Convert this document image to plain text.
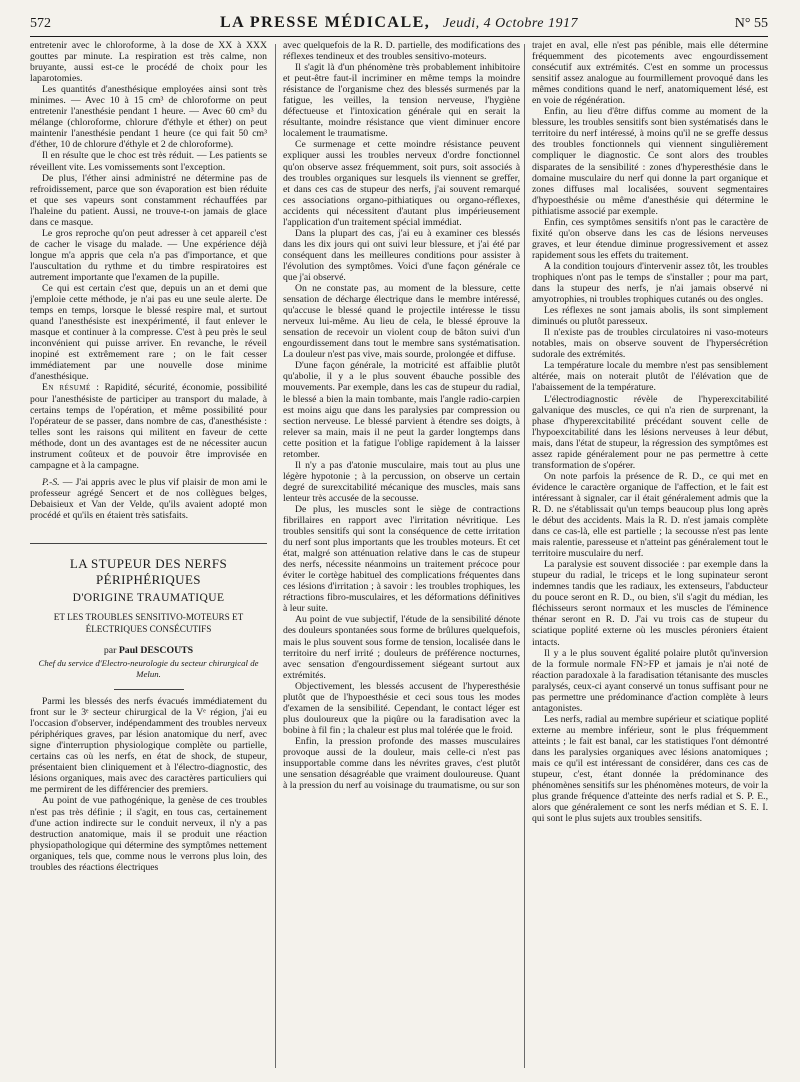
572	LA PRESSE MÉDICALE, Jeudi, 4 Octobre 1917	N° 55

entretenir avec le chloroforme, à la dose de XX à XXX gouttes par minute. La respiration est très calme, non bruyante, aussi est-ce le procédé de choix pour les laparotomies.

Les quantités d'anesthésique employées ainsi sont très minimes. — Avec 10 à 15 cm³ de chloroforme on peut entretenir l'anesthésie pendant 1 heure. — Avec 60 cm³ du mélange (chloroforme, chlorure d'éthyle et éther) on peut maintenir l'anesthésie pendant 1 heure (ce qui fait 50 cm³ d'éther, 10 de chlorure d'éthyle et 2 de chloroforme).

Il en résulte que le choc est très réduit. — Les patients se réveillent vite. Les vomissements sont l'exception.

De plus, l'éther ainsi administré ne détermine pas de refroidissement, parce que son évaporation est bien réduite et que ses vapeurs sont constamment réchauffées par l'haleine du patient. Aussi, ne trouve-t-on jamais de glace dans ce masque.

Le gros reproche qu'on peut adresser à cet appareil c'est de cacher le visage du malade. — Une expérience déjà longue m'a appris que cela n'a pas d'importance, et que l'auscultation du rythme et du timbre respiratoires est autrement importante que l'examen de la pupille.

Ce qui est certain c'est que, depuis un an et demi que j'emploie cette méthode, je n'ai pas eu une seule alerte. De temps en temps, lorsque le blessé respire mal, et surtout quand l'anesthésiste est inexpérimenté, il faut enlever le masque et continuer à la compresse. C'est à peu près le seul inconvénient qui puisse arriver. En revanche, le réveil inopiné est extrêmement rare ; on le fait cesser immédiatement par une nouvelle dose minime d'anesthésique.

En résumé : Rapidité, sécurité, économie, possibilité pour l'anesthésiste de participer au transport du malade, à certains temps de l'opération, et même possibilité pour l'opérateur de se passer, dans nombre de cas, d'anesthésiste : telles sont les raisons qui militent en faveur de cette méthode, dont un des avantages est de ne nécessiter aucun instrument coûteux et de pouvoir être improvisée en campagne et à la campagne.

P.-S. — J'ai appris avec le plus vif plaisir de mon ami le professeur agrégé Sencert et de nos collègues belges, Debaisieux et Van der Velde, qu'ils avaient adopté mon procédé et qu'ils en étaient très satisfaits.

LA STUPEUR DES NERFS PÉRIPHÉRIQUES
D'ORIGINE TRAUMATIQUE
ET LES TROUBLES SENSITIVO-MOTEURS ET ÉLECTRIQUES CONSÉCUTIFS
par Paul DESCOUTS
Chef du service d'Electro-neurologie du secteur chirurgical de Melun.

Parmi les blessés des nerfs évacués immédiatement du front sur le 3ᵉ secteur chirurgical de la Vᵉ région, j'ai eu l'occasion d'observer, indépendamment des troubles nerveux périphériques graves, par lésion anatomique du nerf, avec signe d'interruption physiologique complète ou partielle, certains cas où les nerfs, en état de shock, de stupeur, présentaient bien cliniquement et à l'électro-diagnostic, des lésions organiques, mais avec des caractères particuliers qui me permirent de les différencier des premiers.

Au point de vue pathogénique, la genèse de ces troubles n'est pas très définie ; il s'agit, en tous cas, certainement d'une action indirecte sur le conduit nerveux, il n'y a pas destruction anatomique, mais il se produit une réaction physiopathologique qui détermine des symptômes nettement organiques, tels que, comme nous le verrons plus loin, des troubles des réactions électriques

avec quelquefois de la R. D. partielle, des modifications des réflexes tendineux et des troubles sensitivo-moteurs.

Il s'agit là d'un phénomène très probablement inhibitoire et peut-être faut-il incriminer en même temps la moindre résistance de l'organisme chez des blessés surmenés par la fatigue, les veilles, la tension nerveuse, l'hygiène défectueuse et l'intoxication générale qui en serait la résultante, moindre résistance que vient diminuer encore localement le traumatisme.

Ce surmenage et cette moindre résistance peuvent expliquer aussi les troubles nerveux d'ordre fonctionnel qu'on observe assez fréquemment, soit purs, soit associés à des troubles organiques sur lesquels ils viennent se greffer, et dans ces cas de stupeur des nerfs, j'ai souvent remarqué ces associations organo-pithiatiques ou organo-réflexes, accidents qui nécessitent d'autant plus impérieusement l'application d'un traitement spécial immédiat.

Dans la plupart des cas, j'ai eu à examiner ces blessés dans les dix jours qui ont suivi leur blessure, et j'ai été par conséquent dans les meilleures conditions pour assister à l'évolution des symptômes. Voici d'une façon générale ce que j'ai observé.

On ne constate pas, au moment de la blessure, cette sensation de décharge électrique dans le membre intéressé, qu'accuse le blessé quand le projectile intéresse le tissu nerveux lui-même. Au lieu de cela, le blessé éprouve la sensation de recevoir un violent coup de bâton suivi d'un engourdissement dans tout le membre sans systématisation. La douleur n'est pas vive, mais sourde, prolongée et diffuse.

D'une façon générale, la motricité est affaiblie plutôt qu'abolie, il y a le plus souvent ébauche possible des mouvements. Par exemple, dans les cas de stupeur du radial, le blessé a bien la main tombante, mais l'angle radio-carpien est moins aigu que dans les paralysies par compression ou section nerveuse. Le blessé parvient à étendre ses doigts, à relever sa main, mais il ne peut la garder longtemps dans cette position et la fatigue l'oblige rapidement à la laisser retomber.

Il n'y a pas d'atonie musculaire, mais tout au plus une légère hypotonie ; à la percussion, on observe un certain degré de surexcitabilité mécanique des muscles, mais sans lenteur très accusée de la secousse.

De plus, les muscles sont le siège de contractions fibrillaires en rapport avec l'irritation névritique. Les troubles sensitifs qui sont la conséquence de cette irritation du nerf sont plus importants que les troubles moteurs. Et cet état, malgré son atténuation relative dans le cas de stupeur des nerfs, nécessite néanmoins un traitement précoce pour éviter le cortège habituel des complications fréquentes dans ces lésions d'irritation ; à savoir : les troubles trophiques, les rétractions fibro-musculaires, et les déformations définitives à leur suite.

Au point de vue subjectif, l'étude de la sensibilité dénote des douleurs spontanées sous forme de brûlures quelquefois, mais le plus souvent sous forme de tension, localisée dans le territoire du nerf irrité ; douleurs de préférence nocturnes, avec sensation d'engourdissement siégeant surtout aux extrémités.

Objectivement, les blessés accusent de l'hyperesthésie plutôt que de l'hypoesthésie et ceci sous tous les modes d'examen de la sensibilité. Cependant, le contact léger est plus douloureux que la piqûre ou la faradisation avec la bobine à fil fin ; la chaleur est plus mal tolérée que le froid.

Enfin, la pression profonde des masses musculaires provoque aussi de la douleur, mais celle-ci n'est pas insupportable comme dans les névrites graves, c'est plutôt une sensation désagréable que vraiment douloureuse. Quant à la pression du nerf au voisinage du traumatisme, ou sur son

trajet en aval, elle n'est pas pénible, mais elle détermine fréquemment des picotements avec engourdissement consécutif aux extrémités. C'est en somme un processus sensitif assez analogue au fourmillement provoqué dans les mêmes conditions quand le nerf, anatomiquement lésé, est en voie de régénération.

Enfin, au lieu d'être diffus comme au moment de la blessure, les troubles sensitifs sont bien systématisés dans le territoire du nerf intéressé, à moins qu'il ne se greffe dessus des troubles fonctionnels qui viennent singulièrement compliquer le diagnostic. Ce sont alors des troubles disparates de la sensibilité : zones d'hyperesthésie dans le domaine musculaire du nerf qui donne la part organique et zones diffuses mal localisées, souvent segmentaires d'hypoesthésie ou même d'anesthésie qui détermine le pithiatisme associé par exemple.

Enfin, ces symptômes sensitifs n'ont pas le caractère de fixité qu'on observe dans les cas de lésions nerveuses graves, et leur étendue diminue progressivement et assez rapidement sous les effets du traitement.

A la condition toujours d'intervenir assez tôt, les troubles trophiques n'ont pas le temps de s'installer ; pour ma part, dans la stupeur des nerfs, je n'ai jamais observé ni amyotrophies, ni troubles trophiques cutanés ou des ongles.

Les réflexes ne sont jamais abolis, ils sont simplement diminués ou plutôt paresseux.

Il n'existe pas de troubles circulatoires ni vaso-moteurs notables, mais on observe souvent de l'hypersécrétion sudorale des extrémités.

La température locale du membre n'est pas sensiblement altérée, mais on noterait plutôt de l'élévation que de l'abaissement de la température.

L'électrodiagnostic révèle de l'hyperexcitabilité galvanique des muscles, ce qui n'a rien de surprenant, la phase d'hyperexcitabilité précédant souvent celle de l'hypoexcitabilité dans les lésions nerveuses à leur début, mais, dans l'état de stupeur, la régression des symptômes est assez rapide généralement pour ne pas permettre à cette transformation de s'opérer.

On note parfois la présence de R. D., ce qui met en évidence le caractère organique de l'affection, et le fait est intéressant à signaler, car il était généralement admis que la R. D. ne s'établissait qu'un temps beaucoup plus long après le début des accidents. Mais la R. D. n'est jamais complète dans ce cas-là, elle est partielle ; la secousse n'est pas lente mais ralentie, paresseuse et n'atteint pas généralement tout le territoire musculaire du nerf.

La paralysie est souvent dissociée : par exemple dans la stupeur du radial, le triceps et le long supinateur seront indemnes tandis que les radiaux, les extenseurs, l'abducteur du pouce seront en R. D., ou bien, s'il s'agit du médian, les fléchisseurs seront normaux et les muscles de l'éminence thénar seront en R. D. J'ai vu trois cas de stupeur du sciatique poplité externe où les muscles péroniers étaient intacts.

Il y a le plus souvent égalité polaire plutôt qu'inversion de la formule normale FN>FP et jamais je n'ai noté de réaction paradoxale à la faradisation tétanisante des muscles paralysés, ceux-ci ayant conservé un tonus suffisant pour ne pas permettre une prédominance d'action complète à leurs antagonistes.

Les nerfs, radial au membre supérieur et sciatique poplité externe au membre inférieur, sont le plus fréquemment atteints ; le fait est banal, car les statistiques l'ont démontré dans les paralysies organiques avec lésions anatomiques ; mais ce qu'il est intéressant de considérer, dans ces cas de stupeur, c'est, étant donnée la prédominance des phénomènes sensitifs sur les phénomènes moteurs, de voir la plus grande fréquence d'atteinte des nerfs radial et S. P. E., alors que généralement ce sont les nerfs médian et S. E. I. qui sont le plus sujets aux troubles sensitifs.
